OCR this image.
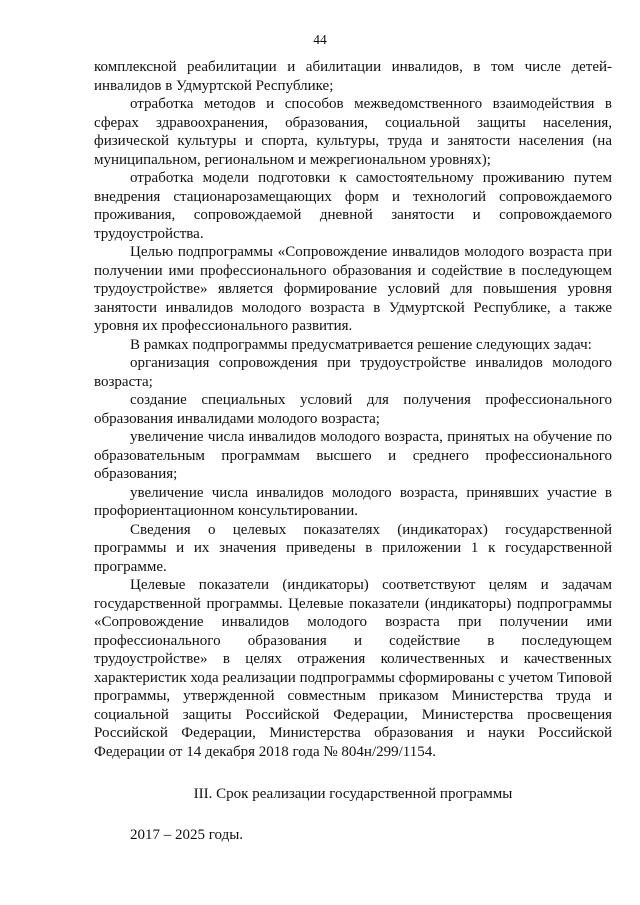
44

комплексной реабилитации и абилитации инвалидов, в том числе детей-инвалидов в Удмуртской Республике;

отработка методов и способов межведомственного взаимодействия в сферах здравоохранения, образования, социальной защиты населения, физической культуры и спорта, культуры, труда и занятости населения (на муниципальном, региональном и межрегиональном уровнях);

отработка модели подготовки к самостоятельному проживанию путем внедрения стационарозамещающих форм и технологий сопровождаемого проживания, сопровождаемой дневной занятости и сопровождаемого трудоустройства.

Целью подпрограммы «Сопровождение инвалидов молодого возраста при получении ими профессионального образования и содействие в последующем трудоустройстве» является формирование условий для повышения уровня занятости инвалидов молодого возраста в Удмуртской Республике, а также уровня их профессионального развития.

В рамках подпрограммы предусматривается решение следующих задач:

организация сопровождения при трудоустройстве инвалидов молодого возраста;

создание специальных условий для получения профессионального образования инвалидами молодого возраста;

увеличение числа инвалидов молодого возраста, принятых на обучение по образовательным программам высшего и среднего профессионального образования;

увеличение числа инвалидов молодого возраста, принявших участие в профориентационном консультировании.

Сведения о целевых показателях (индикаторах) государственной программы и их значения приведены в приложении 1 к государственной программе.

Целевые показатели (индикаторы) соответствуют целям и задачам государственной программы. Целевые показатели (индикаторы) подпрограммы «Сопровождение инвалидов молодого возраста при получении ими профессионального образования и содействие в последующем трудоустройстве» в целях отражения количественных и качественных характеристик хода реализации подпрограммы сформированы с учетом Типовой программы, утвержденной совместным приказом Министерства труда и социальной защиты Российской Федерации, Министерства просвещения Российской Федерации, Министерства образования и науки Российской Федерации от 14 декабря 2018 года № 804н/299/1154.

III. Срок реализации государственной программы

2017 – 2025 годы.
